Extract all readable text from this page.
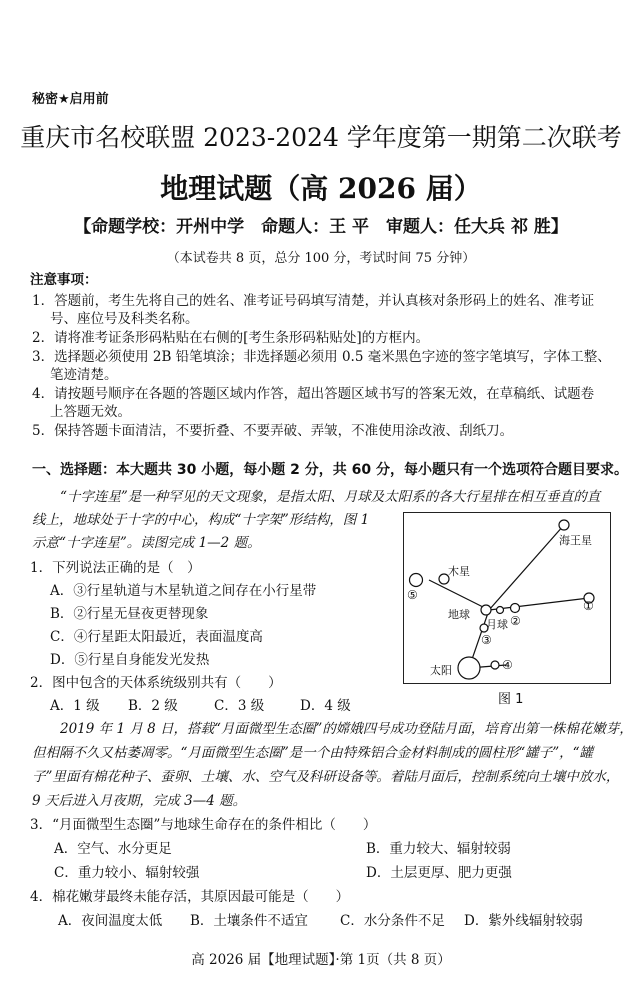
秘密★启用前
重庆市名校联盟 2023-2024 学年度第一期第二次联考
地理试题（高 2026 届）
【命题学校：开州中学　命题人：王 平　审题人：任大兵 祁 胜】
（本试卷共 8 页，总分 100 分，考试时间 75 分钟）
注意事项：
1．答题前，考生先将自己的姓名、准考证号码填写清楚，并认真核对条形码上的姓名、准考证
号、座位号及科类名称。
2．请将准考证条形码粘贴在右侧的[考生条形码粘贴处]的方框内。
3．选择题必须使用 2B 铅笔填涂；非选择题必须用 0.5 毫米黑色字迹的签字笔填写，字体工整、
笔迹清楚。
4．请按题号顺序在各题的答题区域内作答，超出答题区域书写的答案无效，在草稿纸、试题卷
上答题无效。
5．保持答题卡面清洁，不要折叠、不要弄破、弄皱，不准使用涂改液、刮纸刀。
一、选择题：本大题共 30 小题，每小题 2 分，共 60 分，每小题只有一个选项符合题目要求。
“十字连星”是一种罕见的天文现象，是指太阳、月球及太阳系的各大行星排在相互垂直的直
线上，地球处于十字的中心，构成“十字架”形结构，图 1
示意“十字连星”。读图完成 1—2 题。
1．下列说法正确的是（　）
A．③行星轨道与木星轨道之间存在小行星带
B．②行星无昼夜更替现象
C．④行星距太阳最近，表面温度高
D．⑤行星自身能发光发热
2．图中包含的天体系统级别共有（　　）
A．1 级 B．2 级	C．3 级	D．4 级
海王星
木星
⑤
地球
月球 ②
①
③
太阳	④
图 1
2019 年 1 月 8 日，搭载“月面微型生态圈”的嫦娥四号成功登陆月面，培育出第一株棉花嫩芽，
但相隔不久又枯萎凋零。“月面微型生态圈”是一个由特殊铝合金材料制成的圆柱形“罐子”，“罐
子”里面有棉花种子、蚕卵、土壤、水、空气及科研设备等。着陆月面后，控制系统向土壤中放水，
9 天后进入月夜期，完成 3—4 题。
3．“月面微型生态圈”与地球生命存在的条件相比（　　）
A．空气、水分更足	B．重力较大、辐射较弱
C．重力较小、辐射较强	D．土层更厚、肥力更强
4．棉花嫩芽最终未能存活，其原因最可能是（　　）
A．夜间温度太低 B．土壤条件不适宜 C．水分条件不足 D．紫外线辐射较弱
高 2026 届【地理试题】·第 1页（共 8 页）
